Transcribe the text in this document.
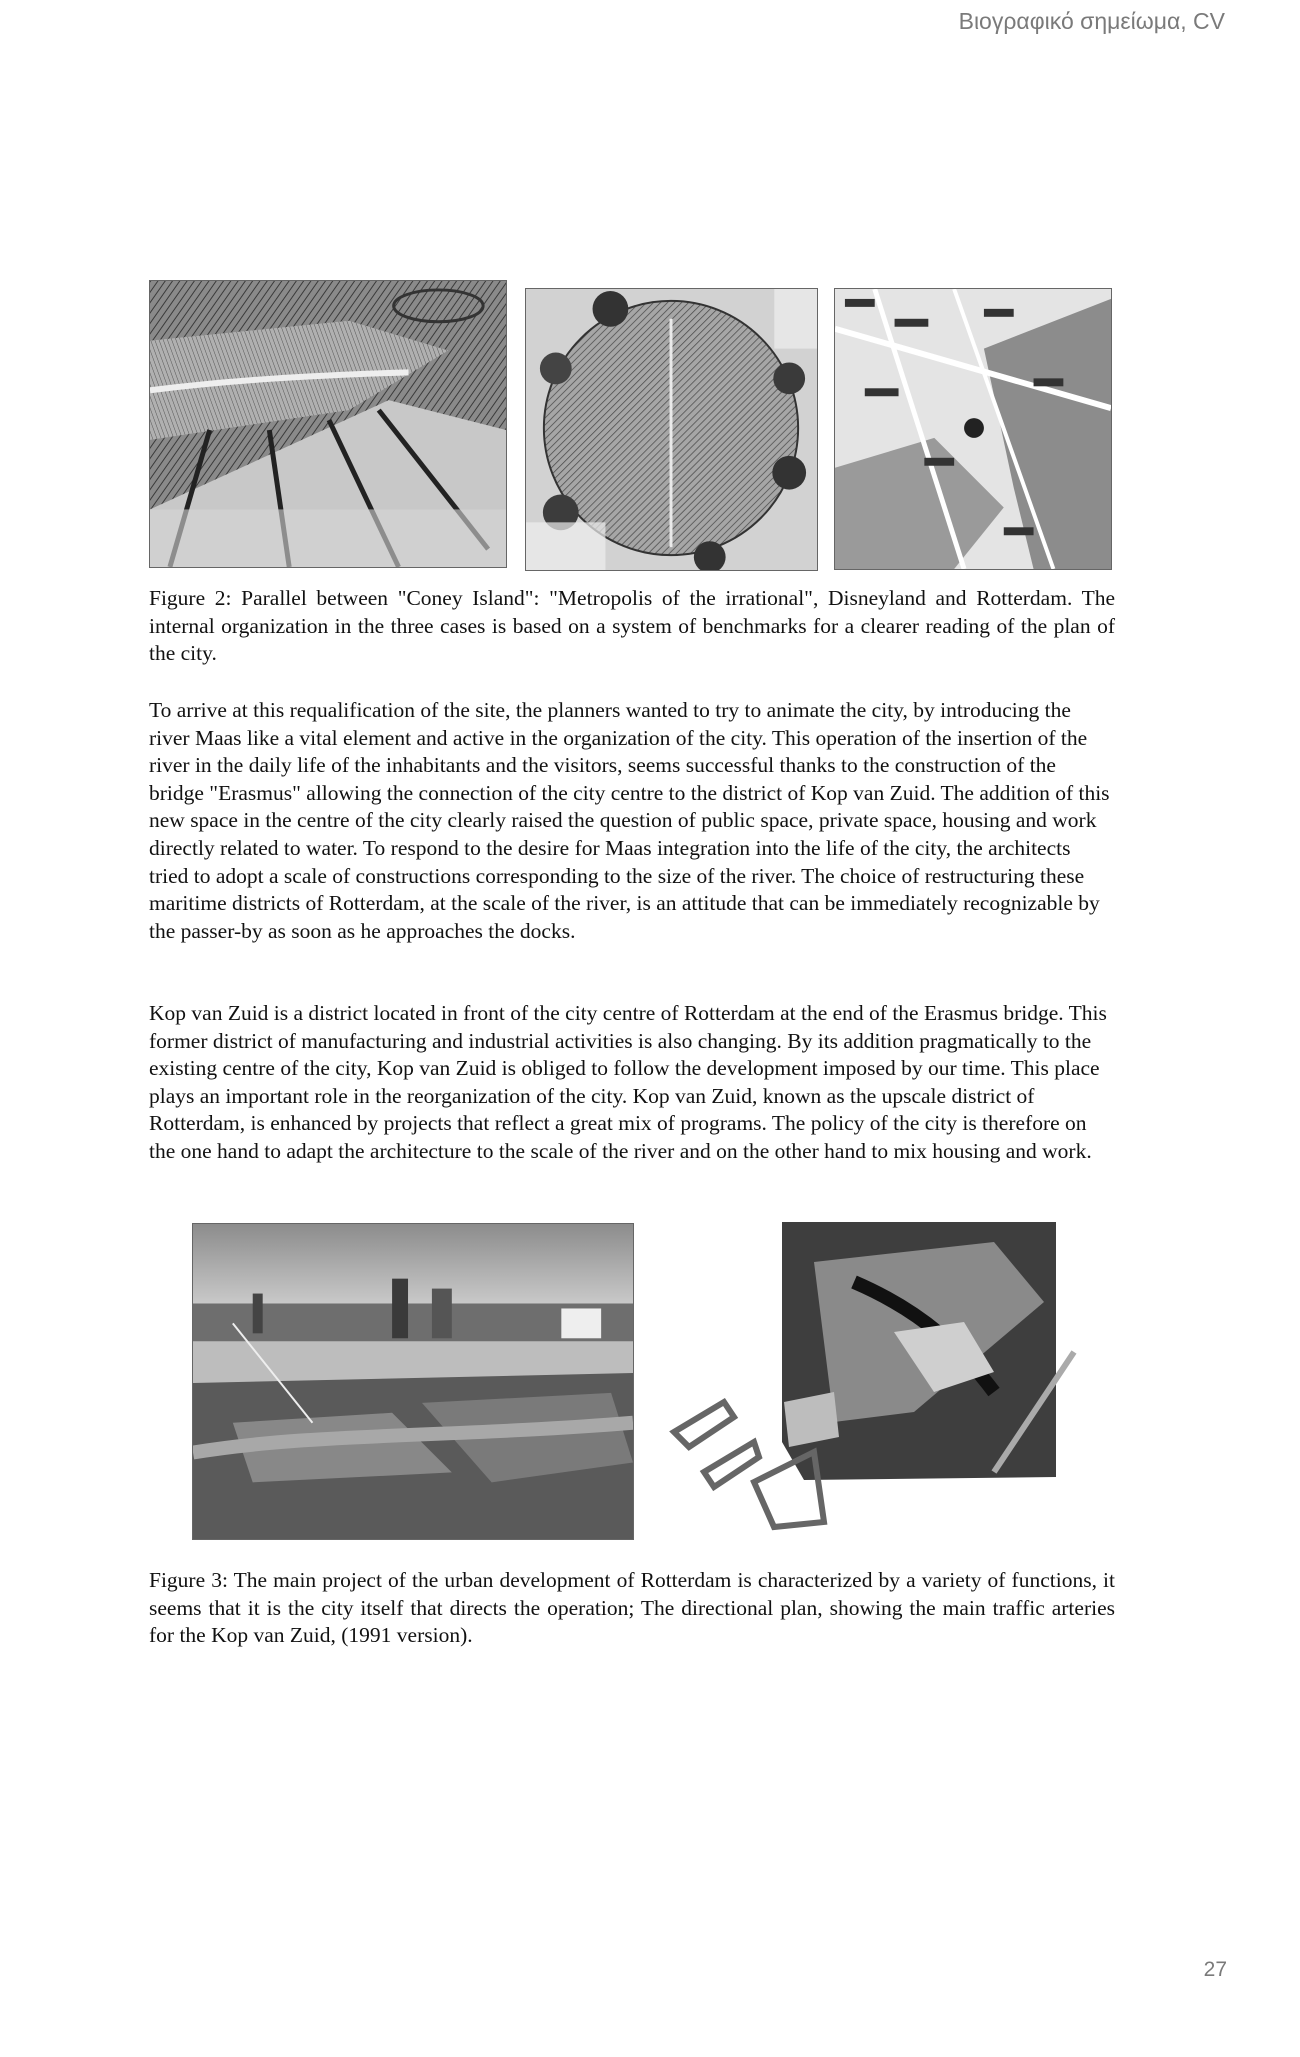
Βιογραφικό σημείωμα, CV
Figure 2: Parallel between "Coney Island": "Metropolis of the irrational", Disneyland and Rotterdam. The internal organization in the three cases is based on a system of benchmarks for a clearer reading of the plan of the city.
To arrive at this requalification of the site, the planners wanted to try to animate the city, by introducing the river Maas like a vital element and active in the organization of the city. This operation of the insertion of the river in the daily life of the inhabitants and the visitors, seems successful thanks to the construction of the bridge "Erasmus" allowing the connection of the city centre to the district of Kop van Zuid. The addition of this new space in the centre of the city clearly raised the question of public space, private space, housing and work directly related to water. To respond to the desire for Maas integration into the life of the city, the architects tried to adopt a scale of constructions corresponding to the size of the river. The choice of restructuring these maritime districts of Rotterdam, at the scale of the river, is an attitude that can be immediately recognizable by the passer-by as soon as he approaches the docks.
Kop van Zuid is a district located in front of the city centre of Rotterdam at the end of the Erasmus bridge. This former district of manufacturing and industrial activities is also changing. By its addition pragmatically to the existing centre of the city, Kop van Zuid is obliged to follow the development imposed by our time. This place plays an important role in the reorganization of the city. Kop van Zuid, known as the upscale district of Rotterdam, is enhanced by projects that reflect a great mix of programs. The policy of the city is therefore on the one hand to adapt the architecture to the scale of the river and on the other hand to mix housing and work.
Figure 3: The main project of the urban development of Rotterdam is characterized by a variety of functions, it seems that it is the city itself that directs the operation; The directional plan, showing the main traffic arteries for the Kop van Zuid, (1991 version).
27
